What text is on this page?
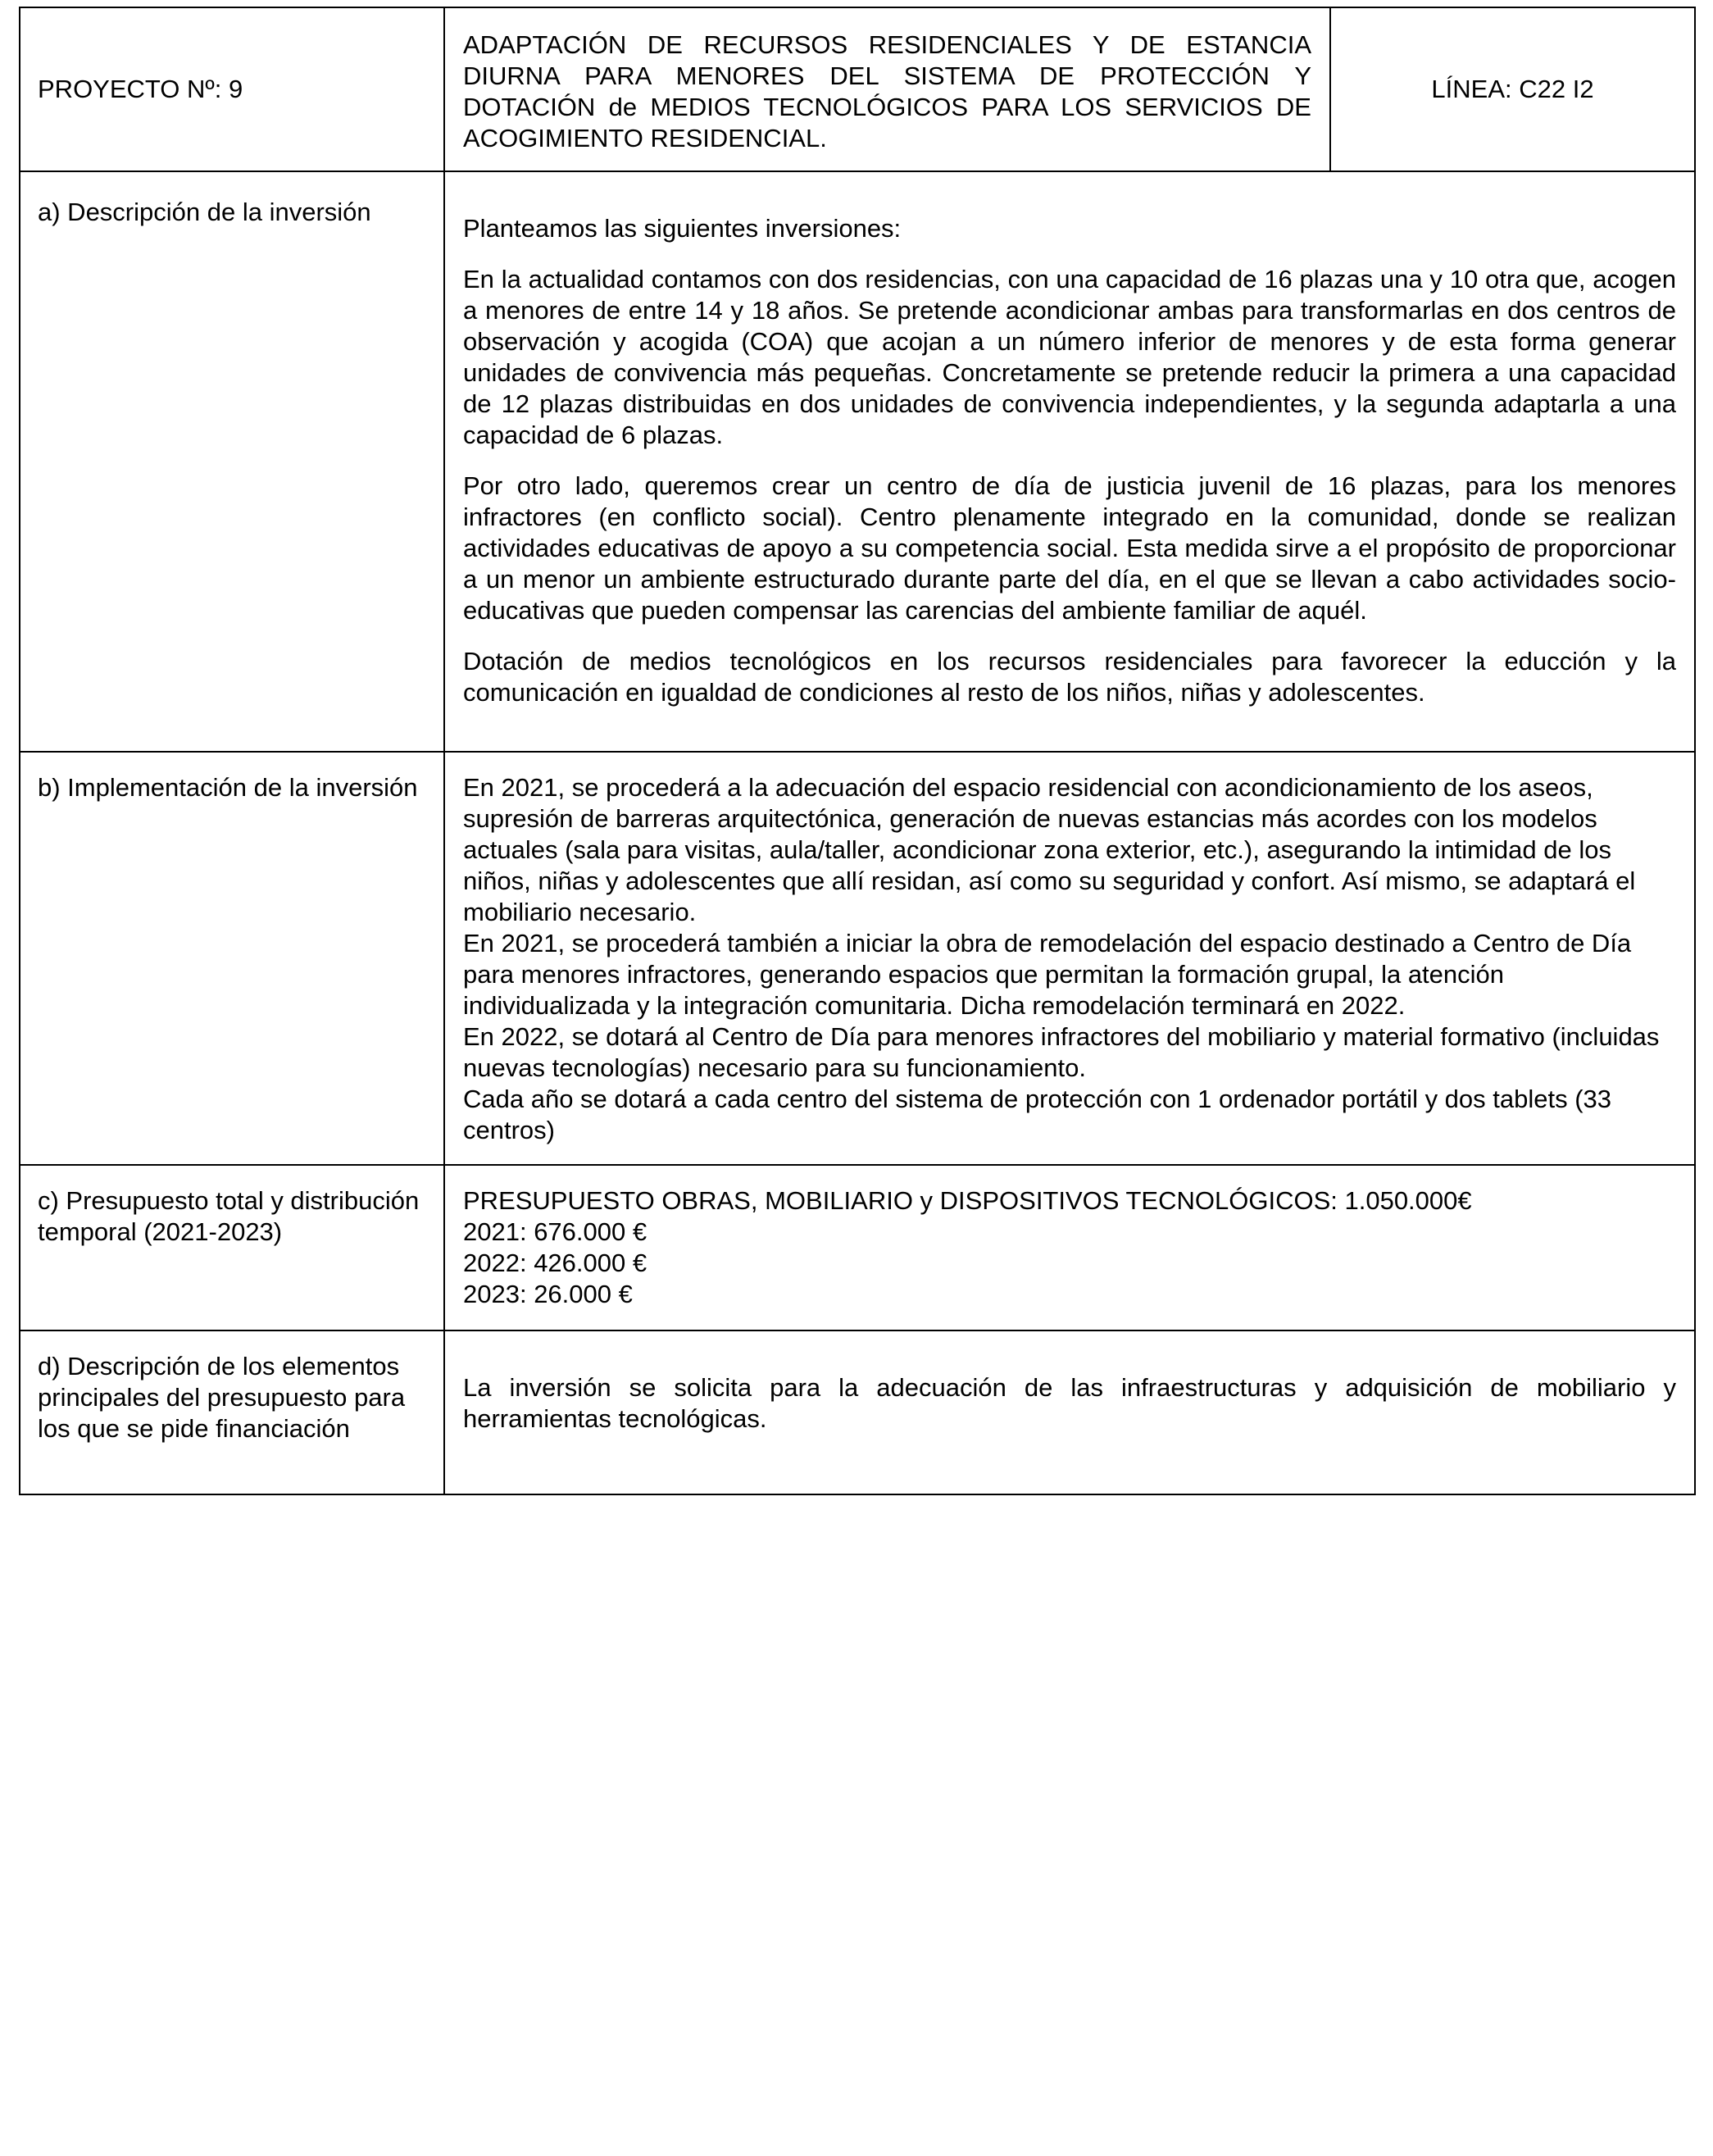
PROYECTO Nº: 9	ADAPTACIÓN DE RECURSOS RESIDENCIALES Y DE ESTANCIA DIURNA PARA MENORES DEL SISTEMA DE PROTECCIÓN Y DOTACIÓN de MEDIOS TECNOLÓGICOS PARA LOS SERVICIOS DE ACOGIMIENTO RESIDENCIAL.
LÍNEA: C22 I2

a) Descripción de la inversión	Planteamos las siguientes inversiones:

En la actualidad contamos con dos residencias, con una capacidad de 16 plazas una y 10 otra que, acogen a menores de entre 14 y 18 años. Se pretende acondicionar ambas para transformarlas en dos centros de observación y acogida (COA) que acojan a un número inferior de menores y de esta forma generar unidades de convivencia más pequeñas. Concretamente se pretende reducir la primera a una capacidad de 12 plazas distribuidas en dos unidades de convivencia independientes, y la segunda adaptarla a una capacidad de 6 plazas.

Por otro lado, queremos crear un centro de día de justicia juvenil de 16 plazas, para los menores infractores (en conflicto social). Centro plenamente integrado en la comunidad, donde se realizan actividades educativas de apoyo a su competencia social. Esta medida sirve a el propósito de proporcionar a un menor un ambiente estructurado durante parte del día, en el que se llevan a cabo actividades socio-educativas que pueden compensar las carencias del ambiente familiar de aquél.

Dotación de medios tecnológicos en los recursos residenciales para favorecer la educción y la comunicación en igualdad de condiciones al resto de los niños, niñas y adolescentes.

b) Implementación de la inversión	En 2021, se procederá a la adecuación del espacio residencial con acondicionamiento de los aseos, supresión de barreras arquitectónica, generación de nuevas estancias más acordes con los modelos actuales (sala para visitas, aula/taller, acondicionar zona exterior, etc.), asegurando la intimidad de los niños, niñas y adolescentes que allí residan, así como su seguridad y confort. Así mismo, se adaptará el mobiliario necesario.

En 2021, se procederá también a iniciar la obra de remodelación del espacio destinado a Centro de Día para menores infractores, generando espacios que permitan la formación grupal, la atención individualizada y la integración comunitaria. Dicha remodelación terminará en 2022.

En 2022, se dotará al Centro de Día para menores infractores del mobiliario y material formativo (incluidas nuevas tecnologías) necesario para su funcionamiento.

Cada año se dotará a cada centro del sistema de protección con 1 ordenador portátil y dos tablets (33 centros)

c) Presupuesto total y distribución temporal (2021-2023)	PRESUPUESTO OBRAS, MOBILIARIO y DISPOSITIVOS TECNOLÓGICOS: 1.050.000€

2021: 676.000 €

2022: 426.000 €

2023: 26.000 €

d) Descripción de los elementos principales del presupuesto para los que se pide financiación	La inversión se solicita para la adecuación de las infraestructuras y adquisición de mobiliario y herramientas tecnológicas.
